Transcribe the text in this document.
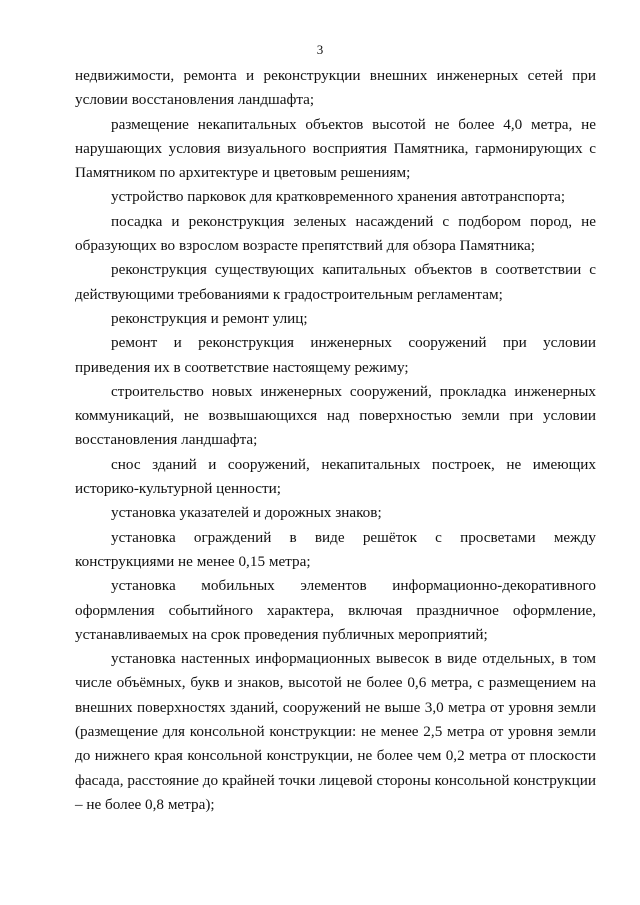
3

недвижимости, ремонта и реконструкции внешних инженерных сетей при условии восстановления ландшафта;

размещение некапитальных объектов высотой не более 4,0 метра, не нарушающих условия визуального восприятия Памятника, гармонирующих с Памятником по архитектуре и цветовым решениям;

устройство парковок для кратковременного хранения автотранспорта;

посадка и реконструкция зеленых насаждений с подбором пород, не образующих во взрослом возрасте препятствий для обзора Памятника;

реконструкция существующих капитальных объектов в соответствии с действующими требованиями к градостроительным регламентам;

реконструкция и ремонт улиц;

ремонт и реконструкция инженерных сооружений при условии приведения их в соответствие настоящему режиму;

строительство новых инженерных сооружений, прокладка инженерных коммуникаций, не возвышающихся над поверхностью земли при условии восстановления ландшафта;

снос зданий и сооружений, некапитальных построек, не имеющих историко-культурной ценности;

установка указателей и дорожных знаков;

установка ограждений в виде решёток с просветами между конструкциями не менее 0,15 метра;

установка мобильных элементов информационно-декоративного оформления событийного характера, включая праздничное оформление, устанавливаемых на срок проведения публичных мероприятий;

установка настенных информационных вывесок в виде отдельных, в том числе объёмных, букв и знаков, высотой не более 0,6 метра, с размещением на внешних поверхностях зданий, сооружений не выше 3,0 метра от уровня земли (размещение для консольной конструкции: не менее 2,5 метра от уровня земли до нижнего края консольной конструкции, не более чем 0,2 метра от плоскости фасада, расстояние до крайней точки лицевой стороны консольной конструкции – не более 0,8 метра);
